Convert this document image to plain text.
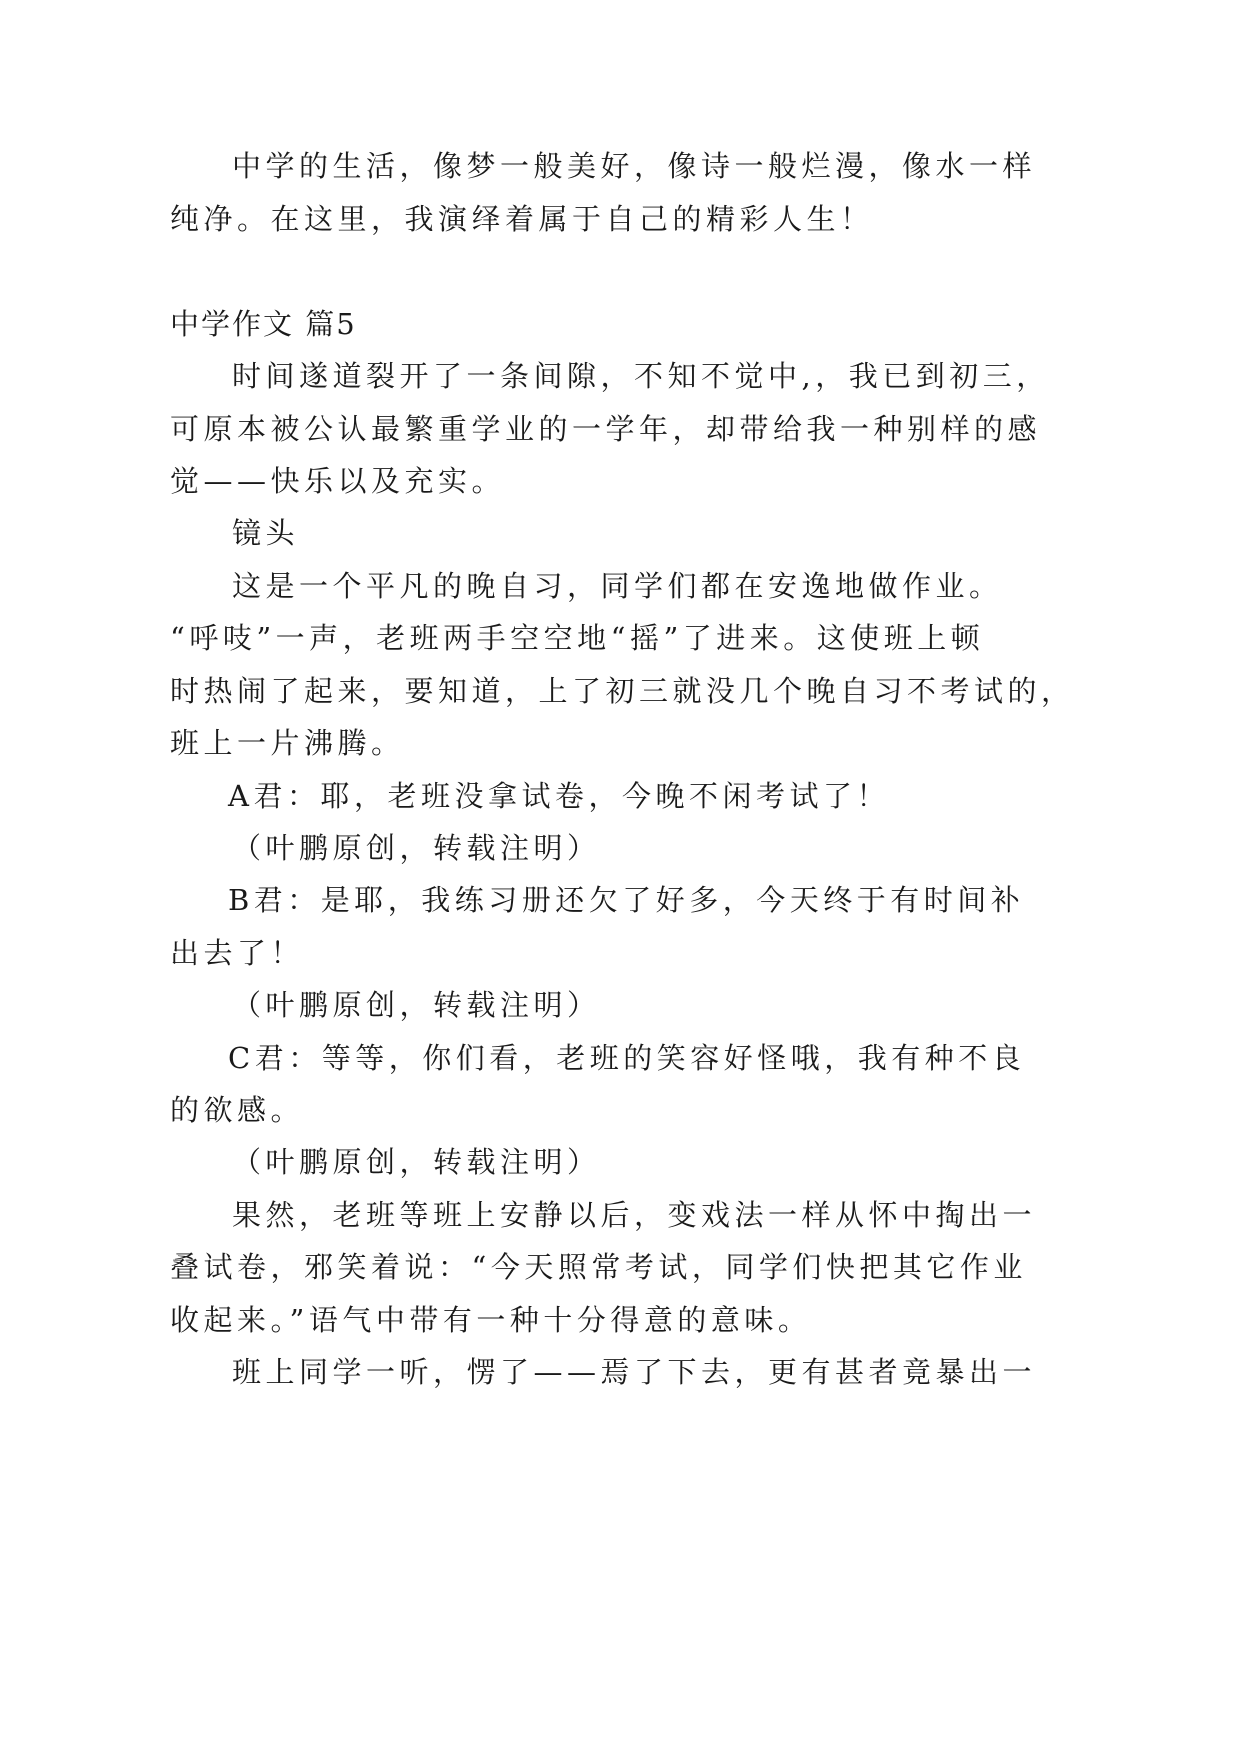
中学的生活，像梦一般美好，像诗一般烂漫，像水一样
纯净。在这里，我演绎着属于自己的精彩人生！
中学作文 篇5
时间遂道裂开了一条间隙，不知不觉中,，我已到初三，
可原本被公认最繁重学业的一学年，却带给我一种别样的感
觉——快乐以及充实。
镜头
这是一个平凡的晚自习，同学们都在安逸地做作业。
“呼吱”一声，老班两手空空地“摇”了进来。这使班上顿
时热闹了起来，要知道，上了初三就没几个晚自习不考试的，
班上一片沸腾。
A君：耶，老班没拿试卷，今晚不闲考试了！
（叶鹏原创，转载注明）
B君：是耶，我练习册还欠了好多，今天终于有时间补
出去了！
（叶鹏原创，转载注明）
C君：等等，你们看，老班的笑容好怪哦，我有种不良
的欲感。
（叶鹏原创，转载注明）
果然，老班等班上安静以后，变戏法一样从怀中掏出一
叠试卷，邪笑着说：“今天照常考试，同学们快把其它作业
收起来。”语气中带有一种十分得意的意味。
班上同学一听，愣了——焉了下去，更有甚者竟暴出一
